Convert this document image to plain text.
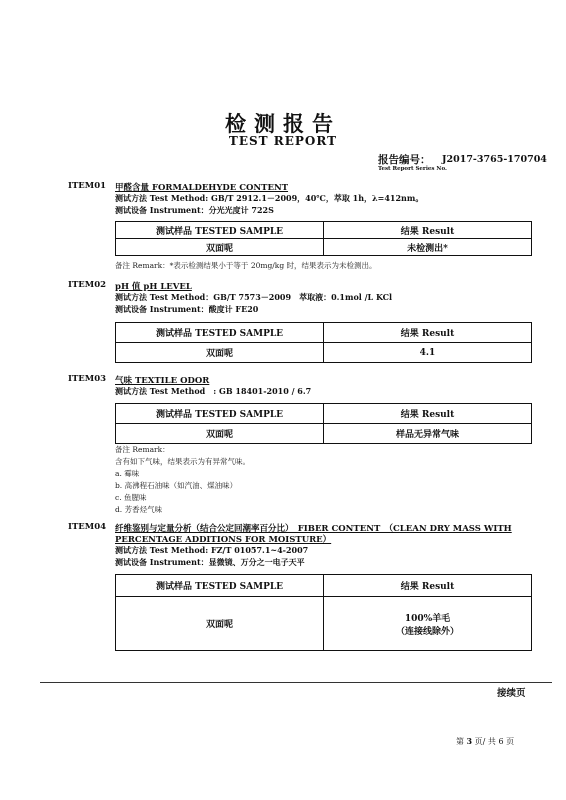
检测报告
TEST REPORT
报告编号：
Test Report Series No.
J2017-3765-170704
ITEM01 甲醛含量 FORMALDEHYDE CONTENT
测试方法 Test Method: GB/T 2912.1－2009，40℃，萃取 1h，λ=412nm。
测试设备 Instrument：分光光度计 722S
测试样品 TESTED SAMPLE	结果 Result
双面呢	未检测出*
备注 Remark：*表示检测结果小于等于 20mg/kg 时，结果表示为未检测出。
ITEM02 pH 值 pH LEVEL
测试方法 Test Method：GB/T 7573－2009　萃取液：0.1mol /L KCl
测试设备 Instrument：酸度计 FE20
测试样品 TESTED SAMPLE	结果 Result
双面呢	4.1
ITEM03 气味 TEXTILE ODOR
测试方法 Test Method　: GB 18401-2010 / 6.7
测试样品 TESTED SAMPLE	结果 Result
双面呢	样品无异常气味
备注 Remark：
含有如下气味，结果表示为有异常气味。
a. 霉味
b. 高沸程石油味（如汽油、煤油味）
c. 鱼腥味
d. 芳香烃气味
ITEM04 纤维鉴别与定量分析（结合公定回潮率百分比）　FIBER CONTENT　（CLEAN DRY MASS WITH
PERCENTAGE ADDITIONS FOR MOISTURE）
测试方法 Test Method: FZ/T 01057.1~4-2007
测试设备 Instrument：显微镜、万分之一电子天平
测试样品 TESTED SAMPLE	结果 Result
双面呢	100%羊毛
（连接线除外）
接续页
第 3 页/ 共 6 页
